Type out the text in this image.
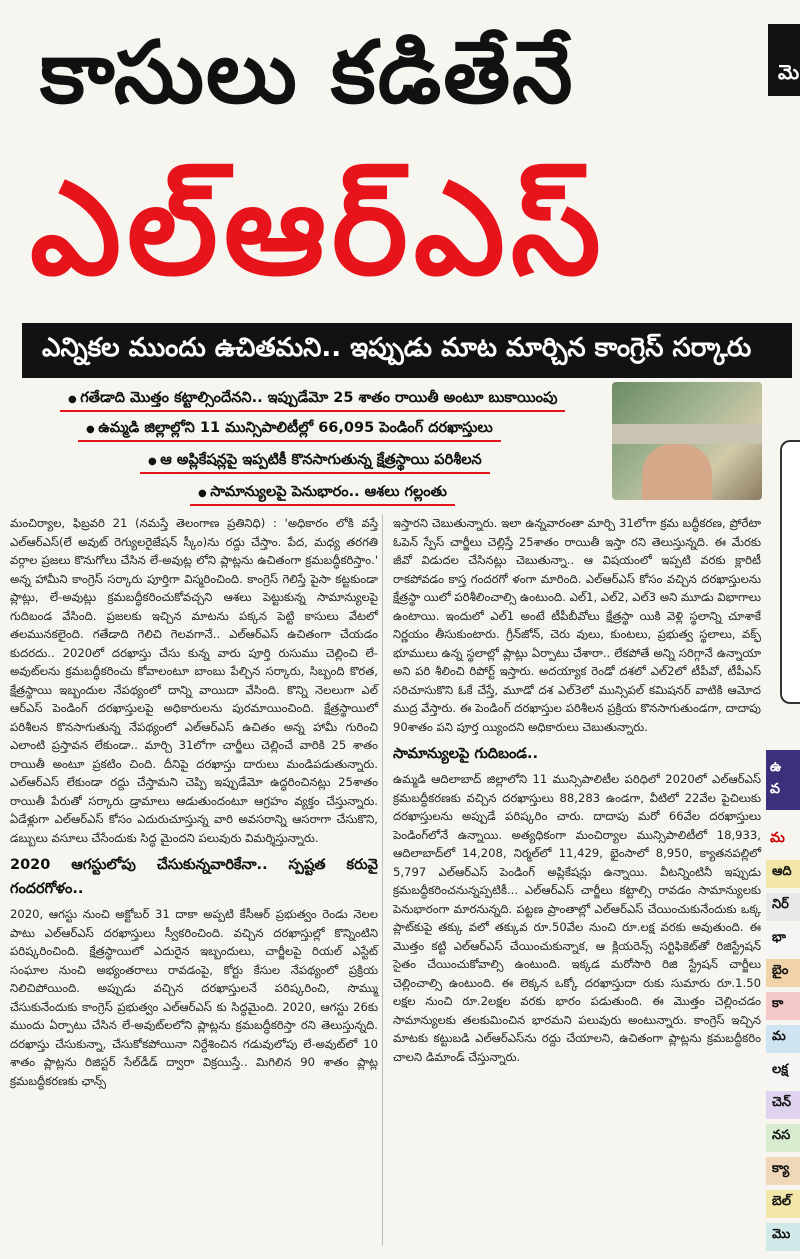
కాసులు కడితేనే
ఎల్‌ఆర్‌ఎస్‌
మె
ఎన్నికల ముందు ఉచితమని.. ఇప్పుడు మాట మార్చిన కాంగ్రెస్‌ సర్కారు
● గతేడాది మొత్తం కట్టాల్సిందేనని.. ఇప్పుడేమో 25 శాతం రాయితీ అంటూ బుకాయింపు
● ఉమ్మడి జిల్లాల్లోని 11 మున్సిపాలిటీల్లో 66,095 పెండింగ్‌ దరఖాస్తులు
● ఆ అప్లికేషన్లపై ఇప్పటికీ కొనసాగుతున్న క్షేత్రస్థాయి పరిశీలన
● సామాన్యులపై పెనుభారం.. ఆశలు గల్లంతు

మంచిర్యాల, ఫిబ్రవరి 21 (నమస్తే తెలంగాణ ప్రతినిధి) : 'అధికారం లోకి వస్తే ఎల్‌ఆర్‌ఎస్‌(లే అవుట్‌ రెగ్యులరైజేషన్‌ స్కీం)ను రద్దు చేస్తాం. పేద, మధ్య తరగతి వర్గాల ప్రజలు కొనుగోలు చేసిన లే-అవుట్ల లోని ప్లాట్లను ఉచితంగా క్రమబద్ధీకరిస్తాం.' అన్న హామీని కాంగ్రెస్‌ సర్కారు పూర్తిగా విస్మరించింది. కాంగ్రెస్‌ గెలిస్తే పైసా కట్టకుండా ప్లాట్లు, లే-అవుట్లు క్రమబద్ధీకరించుకోవచ్చని ఆశలు పెట్టుకున్న సామాన్యులపై గుదిబండ వేసింది. ప్రజలకు ఇచ్చిన మాటను పక్కన పెట్టి కాసులు వేటలో తలమునకలైంది. గతేడాది గెలిచి గెలవగానే.. ఎల్‌ఆర్‌ఎస్‌ ఉచితంగా చేయడం కుదరదు.. 2020లో దరఖాస్తు చేసు కున్న వారు పూర్తి రుసుము చెల్లించి లే-అవుట్‌లను క్రమబద్ధీకరించు కోవాలంటూ బాంబు పేల్చిన సర్కారు, సిబ్బంది కొరత, క్షేత్రస్థాయి ఇబ్బందుల నేపథ్యంలో దాన్ని వాయిదా వేసింది. కొన్ని నెలలుగా ఎల్‌ ఆర్‌ఎస్‌ పెండింగ్‌ దరఖాస్తులపై అధికారులను పురమాయించింది. క్షేత్రస్థాయిలో పరిశీలన కొనసాగుతున్న నేపథ్యంలో ఎల్‌ఆర్‌ఎస్‌ ఉచితం అన్న హామీ గురించి ఎలాంటి ప్రస్తావన లేకుండా.. మార్చి 31లోగా చార్జీలు చెల్లించే వారికి 25 శాతం రాయితీ అంటూ ప్రకటిం చింది. దీనిపై దరఖాస్తు దారులు మండిపడుతున్నారు. ఎల్‌ఆర్‌ఎస్‌ లేకుండా రద్దు చేస్తామని చెప్పి ఇప్పుడేమో ఉద్ధరించినట్లు 25శాతం రాయితీ పేరుతో సర్కారు డ్రామాలు ఆడుతుందంటూ ఆగ్రహం వ్యక్తం చేస్తున్నారు. ఏడేళ్లుగా ఎల్‌ఆర్‌ఎస్‌ కోసం ఎదురుచూస్తున్న వారి అవసరాన్ని ఆసరాగా చేసుకొని, డబ్బులు వసూలు చేసేందుకు సిద్ధ మైందని పలువురు విమర్శిస్తున్నారు.

2020 ఆగస్టులోపు చేసుకున్నవారికేనా.. స్పష్టత కరువై గందరగోళం..

2020, ఆగస్టు నుంచి అక్టోబర్‌ 31 దాకా అప్పటి కేసీఆర్‌ ప్రభుత్వం రెండు నెలల పాటు ఎల్‌ఆర్‌ఎస్‌ దరఖాస్తులు స్వీకరించింది. వచ్చిన దరఖాస్తుల్లో కొన్నింటిని పరిష్కరించింది. క్షేత్రస్థాయిలో ఎదురైన ఇబ్బందులు, చార్జీలపై రియల్‌ ఎస్టేట్‌ సంఘాల నుంచి అభ్యంతరాలు రావడంపై, కోర్టు కేసుల నేపథ్యంలో ప్రక్రియ నిలిచిపోయింది. అప్పుడు వచ్చిన దరఖాస్తులనే పరిష్కరించి, సొమ్ము చేసుకునేందుకు కాంగ్రెస్‌ ప్రభుత్వం ఎల్‌ఆర్‌ఎస్‌ కు సిద్ధమైంది. 2020, ఆగస్టు 26కు ముందు ఏర్పాటు చేసిన లే-అవుట్‌లలోని ప్లాట్లను క్రమబద్ధీకరిస్తా రని తెలుస్తున్నది. దరఖాస్తు చేసుకున్నా, చేసుకోకపోయినా నిర్దేశించిన గడువులోపు లే-అవుట్‌లో 10 శాతం ప్లాట్లను రిజిస్టర్‌ సేల్‌డీడ్‌ ద్వారా విక్రయిస్తే.. మిగిలిన 90 శాతం ప్లాట్ల క్రమబద్ధీకరణకు ఛాన్స్‌

ఇస్తారని చెబుతున్నారు. ఇలా ఉన్నవారంతా మార్చి 31లోగా క్రమ బద్ధీకరణ, ప్రోరేటా ఓపెన్‌ స్పేస్‌ చార్జీలు చెల్లిస్తే 25శాతం రాయితీ ఇస్తా రని తెలుస్తున్నది. ఈ మేరకు జీవో విడుదల చేసినట్లు చెబుతున్నా.. ఆ విషయంలో ఇప్పటి వరకు క్లారిటీ రాకపోవడం కాస్త గందరగో ళంగా మారింది. ఎల్‌ఆర్‌ఎస్‌ కోసం వచ్చిన దరఖాస్తులను క్షేత్రస్థా యిలో పరిశీలించాల్సి ఉంటుంది. ఎల్‌1, ఎల్‌2, ఎల్‌3 అని మూడు విభాగాలు ఉంటాయి. ఇందులో ఎల్‌1 అంటే టీపీబీవోలు క్షేత్రస్థా యికి వెళ్లి స్థలాన్ని చూశాకే నిర్ణయం తీసుకుంటారు. గ్రీన్‌జోన్‌, చెరు వులు, కుంటలు, ప్రభుత్వ స్థలాలు, వక్ఫ్‌ భూములు ఉన్న స్థలాల్లో ప్లాట్లు ఏర్పాటు చేశారా.. లేకపోతే అన్ని సరిగ్గానే ఉన్నాయా అని పరి శీలించి రిపోర్ట్‌ ఇస్తారు. అదయ్యాక రెండో దశలో ఎల్‌2లో టీపీవో, టీపీఎస్‌ సరిచూసుకొని ఓకే చేస్తే, మూడో దశ ఎల్‌3లో మున్సిపల్‌ కమిషనర్‌ వాటికి ఆమోద ముద్ర వేస్తారు. ఈ పెండింగ్‌ దరఖాస్తుల పరిశీలన ప్రక్రియ కొనసాగుతుండగా, దాదాపు 90శాతం పని పూర్త య్యిందని అధికారులు చెబుతున్నారు.

సామాన్యులపై గుదిబండ..

ఉమ్మడి ఆదిలాబాద్‌ జిల్లాలోని 11 మున్సిపాలిటీల పరిధిలో 2020లో ఎల్‌ఆర్‌ఎస్‌ క్రమబద్ధీకరణకు వచ్చిన దరఖాస్తులు 88,283 ఉండగా, వీటిలో 22వేల పైచిలుకు దరఖాస్తులను అప్పుడే పరిష్కరిం చారు. దాదాపు మరో 66వేల దరఖాస్తులు పెండింగ్‌లోనే ఉన్నాయి. అత్యధికంగా మంచిర్యాల మున్సిపాలిటీలో 18,933, ఆదిలాబాద్‌లో 14,208, నిర్మల్‌లో 11,429, భైంసాలో 8,950, క్యాతనపల్లిలో 5,797 ఎల్‌ఆర్‌ఎస్‌ పెండింగ్‌ అప్లికేషన్లు ఉన్నాయి. వీటన్నింటినీ ఇప్పుడు క్రమబద్ధీకరించనున్నప్పటికీ... ఎల్‌ఆర్‌ఎస్‌ చార్జీలు కట్టాల్సి రావడం సామాన్యులకు పెనుభారంగా మారనున్నది. పట్టణ ప్రాంతాల్లో ఎల్‌ఆర్‌ఎస్‌ చేయించుకునేందుకు ఒక్క ప్లాట్‌కుపై తక్కు వలో తక్కువ రూ.50వేల నుంచి రూ.లక్ష వరకు అవుతుంది. ఈ మొత్తం కట్టి ఎల్‌ఆర్‌ఎస్‌ చేయించుకున్నాక, ఆ క్లియరెన్స్‌ సర్టిఫికెట్‌తో రిజిస్ట్రేషన్‌ సైతం చేయించుకోవాల్సి ఉంటుంది. ఇక్కడ మరోసారి రిజి స్ట్రేషన్‌ చార్జీలు చెల్లించాల్సి ఉంటుంది. ఈ లెక్కన ఒక్కో దరఖాస్తుదా రుకు సుమారు రూ.1.50 లక్షల నుంచి రూ.2లక్షల వరకు భారం పడుతుంది. ఈ మొత్తం చెల్లించడం సామాన్యులకు తలకుమించిన భారమని పలువురు అంటున్నారు. కాంగ్రెస్‌ ఇచ్చిన మాటకు కట్టుబడి ఎల్‌ఆర్‌ఎస్‌ను రద్దు చేయాలని, ఉచితంగా ప్లాట్లను క్రమబద్ధీకరిం చాలని డిమాండ్‌ చేస్తున్నారు.

ఉ
వ
మ
ఆది
నిర్
భా
బైం
కా
మ
లక్ష
చెన్
నస
క్యా
బెల్
మొ
